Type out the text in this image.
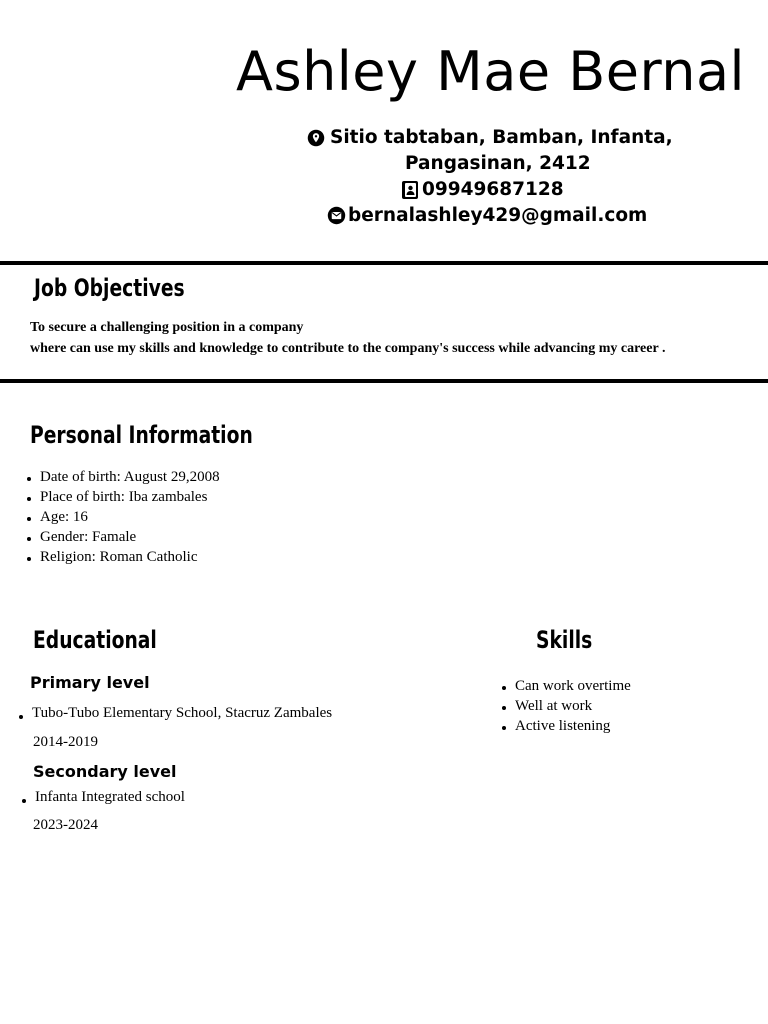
Ashley Mae Bernal
Sitio tabtaban, Bamban, Infanta,
Pangasinan, 2412
09949687128
bernalashley429@gmail.com
Job Objectives
To secure a challenging position in a company
where can use my skills and knowledge to contribute to the company's success while advancing my career .
Personal Information
Date of birth: August 29,2008
Place of birth: Iba zambales
Age: 16
Gender: Famale
Religion: Roman Catholic
Educational
Primary level
Tubo-Tubo Elementary School, Stacruz Zambales
2014-2019
Secondary level
Infanta Integrated school
2023-2024
Skills
Can work overtime
Well at work
Active listening
